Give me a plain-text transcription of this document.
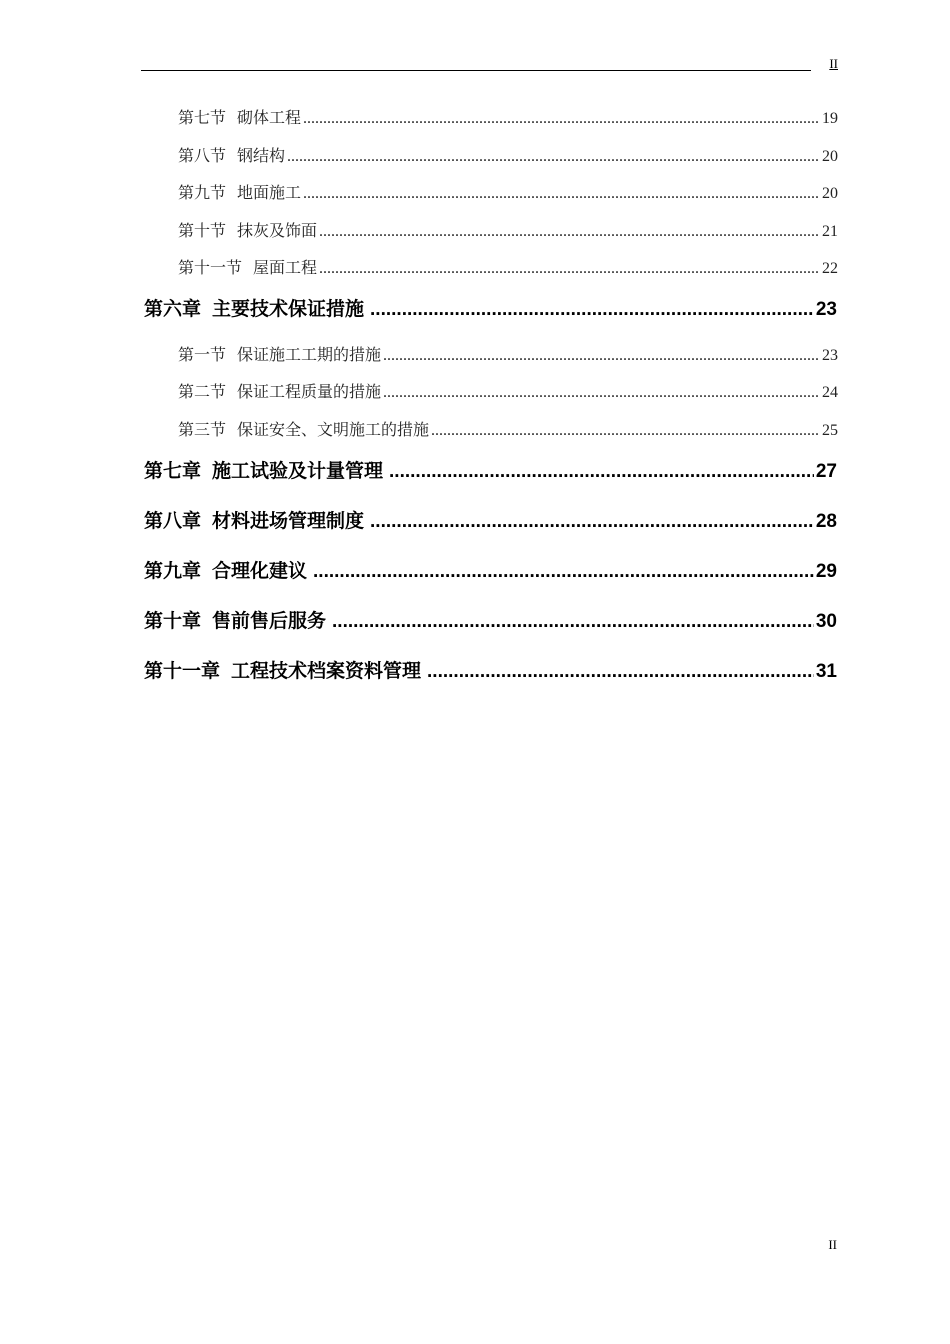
II
第七节 砌体工程 .....	19
第八节 钢结构 .....	20
第九节 地面施工 .....	20
第十节 抹灰及饰面 .....	21
第十一节 屋面工程 .....	22
第六章 主要技术保证措施 .....	23
第一节 保证施工工期的措施 .....	23
第二节 保证工程质量的措施 .....	24
第三节 保证安全、文明施工的措施 .....	25
第七章 施工试验及计量管理 .....	27
第八章 材料进场管理制度 .....	28
第九章 合理化建议 .....	29
第十章 售前售后服务 .....	30
第十一章 工程技术档案资料管理 .....	31
II
